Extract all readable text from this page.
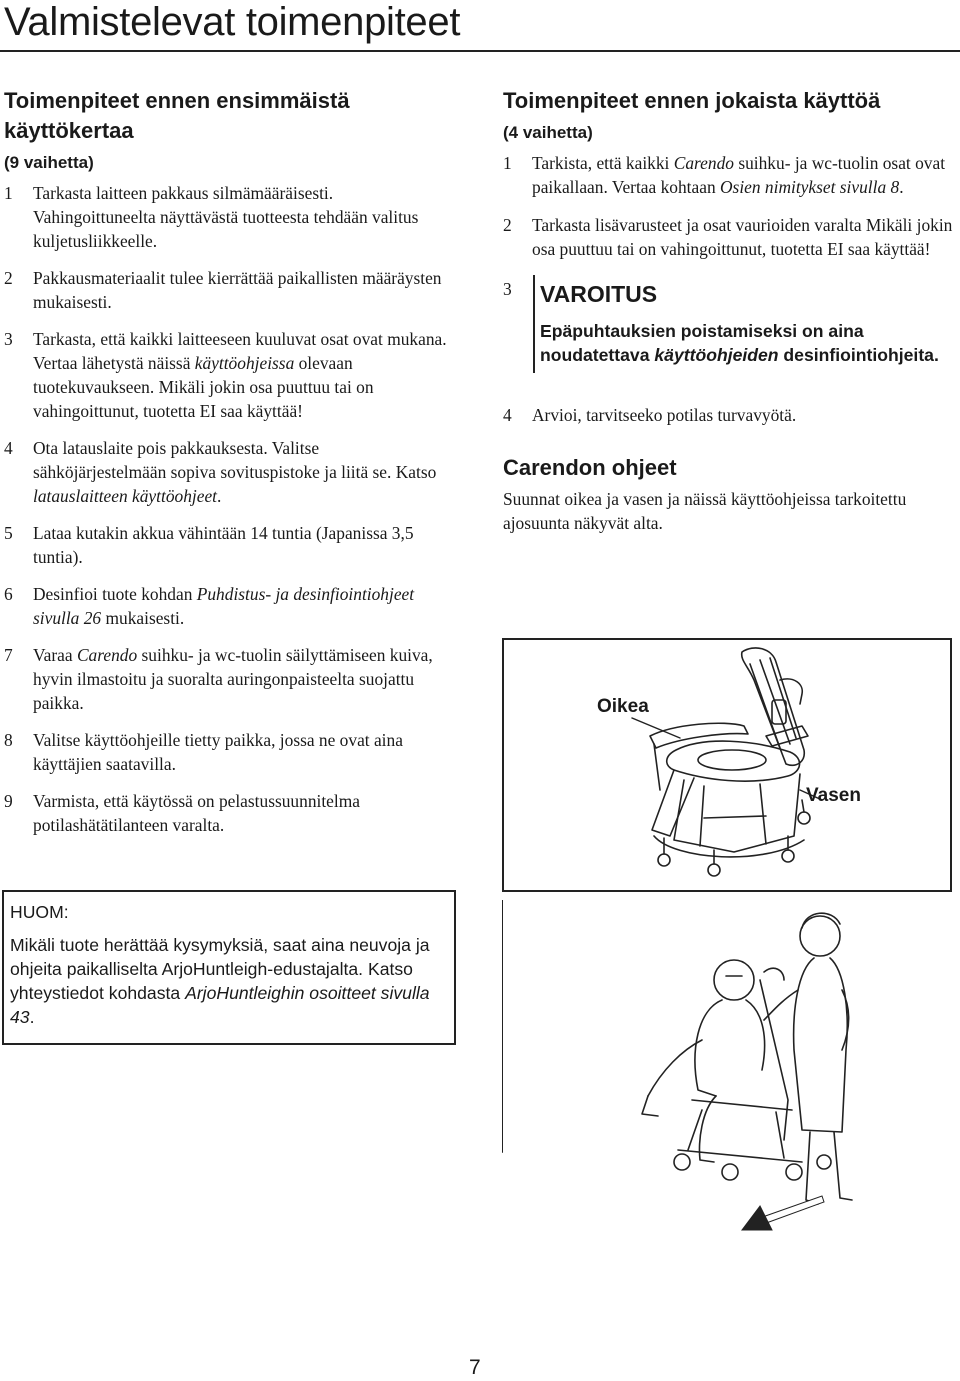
Valmistelevat toimenpiteet
Toimenpiteet ennen ensimmäistä käyttökertaa
(9 vaihetta)
1	Tarkasta laitteen pakkaus silmämääräisesti. Vahingoittuneelta näyttävästä tuotteesta tehdään valitus kuljetusliikkeelle.
2	Pakkausmateriaalit tulee kierrättää paikallisten määräysten mukaisesti.
3	Tarkasta, että kaikki laitteeseen kuuluvat osat ovat mukana. Vertaa lähetystä näissä käyttöohjeissa olevaan tuotekuvaukseen. Mikäli jokin osa puuttuu tai on vahingoittunut, tuotetta EI saa käyttää!
4	Ota latauslaite pois pakkauksesta. Valitse sähköjärjestelmään sopiva sovituspistoke ja liitä se. Katso latauslaitteen käyttöohjeet.
5	Lataa kutakin akkua vähintään 14 tuntia (Japanissa 3,5 tuntia).
6	Desinfioi tuote kohdan Puhdistus- ja desinfiointiohjeet sivulla 26 mukaisesti.
7	Varaa Carendo suihku- ja wc-tuolin säilyttämiseen kuiva, hyvin ilmastoitu ja suoralta auringonpaisteelta suojattu paikka.
8	Valitse käyttöohjeille tietty paikka, jossa ne ovat aina käyttäjien saatavilla.
9	Varmista, että käytössä on pelastussuunnitelma potilashätätilanteen varalta.
Toimenpiteet ennen jokaista käyttöä
(4 vaihetta)
1	Tarkista, että kaikki Carendo suihku- ja wc-tuolin osat ovat paikallaan. Vertaa kohtaan Osien nimitykset sivulla 8.
2	Tarkasta lisävarusteet ja osat vaurioiden varalta Mikäli jokin osa puuttuu tai on vahingoittunut, tuotetta EI saa käyttää!
3	VAROITUS
Epäpuhtauksien poistamiseksi on aina noudatettava käyttöohjeiden desinfiointiohjeita.
4	Arvioi, tarvitseeko potilas turvavyötä.
Carendon ohjeet
Suunnat oikea ja vasen ja näissä käyttöohjeissa tarkoitettu ajosuunta näkyvät alta.
Oikea
Vasen
HUOM:
Mikäli tuote herättää kysymyksiä, saat aina neuvoja ja ohjeita paikalliselta ArjoHuntleigh-edustajalta. Katso yhteystiedot kohdasta ArjoHuntleighin osoitteet sivulla 43.
7
